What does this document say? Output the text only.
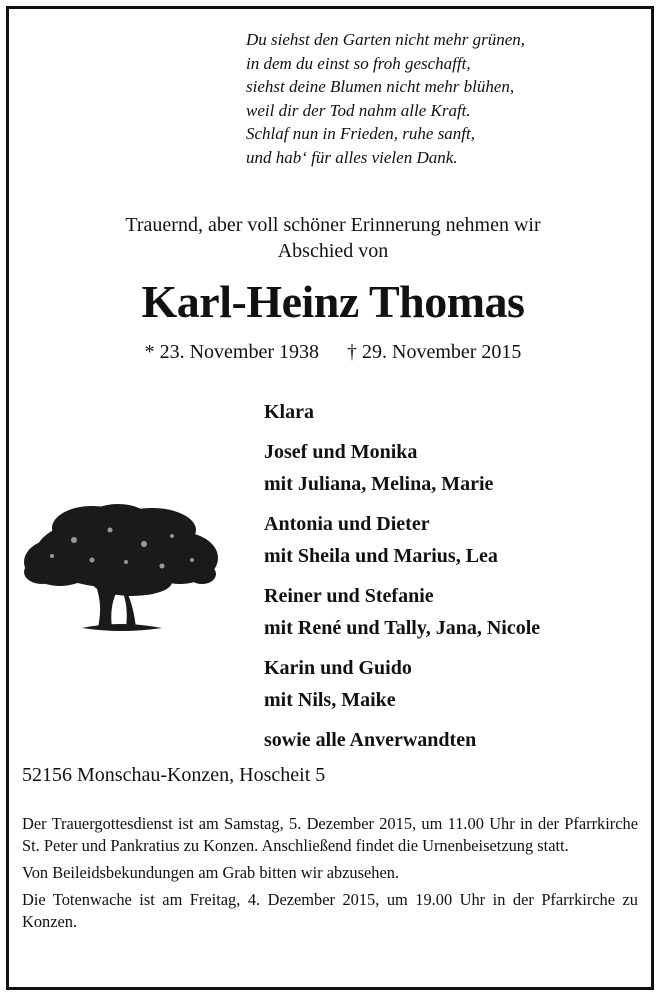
Du siehst den Garten nicht mehr grünen,
in dem du einst so froh geschafft,
siehst deine Blumen nicht mehr blühen,
weil dir der Tod nahm alle Kraft.
Schlaf nun in Frieden, ruhe sanft,
und hab‘ für alles vielen Dank.
Trauernd, aber voll schöner Erinnerung nehmen wir
Abschied von
Karl-Heinz Thomas
* 23. November 1938 † 29. November 2015
Klara
Josef und Monika
mit Juliana, Melina, Marie
Antonia und Dieter
mit Sheila und Marius, Lea
Reiner und Stefanie
mit René und Tally, Jana, Nicole
Karin und Guido
mit Nils, Maike
sowie alle Anverwandten
52156 Monschau-Konzen, Hoscheit 5

Der Trauergottesdienst ist am Samstag, 5. Dezember 2015, um 11.00 Uhr in der Pfarrkirche St. Peter und Pankratius zu Konzen. Anschließend findet die Urnenbeisetzung statt.

Von Beileidsbekundungen am Grab bitten wir abzusehen.

Die Totenwache ist am Freitag, 4. Dezember 2015, um 19.00 Uhr in der Pfarrkirche zu Konzen.
